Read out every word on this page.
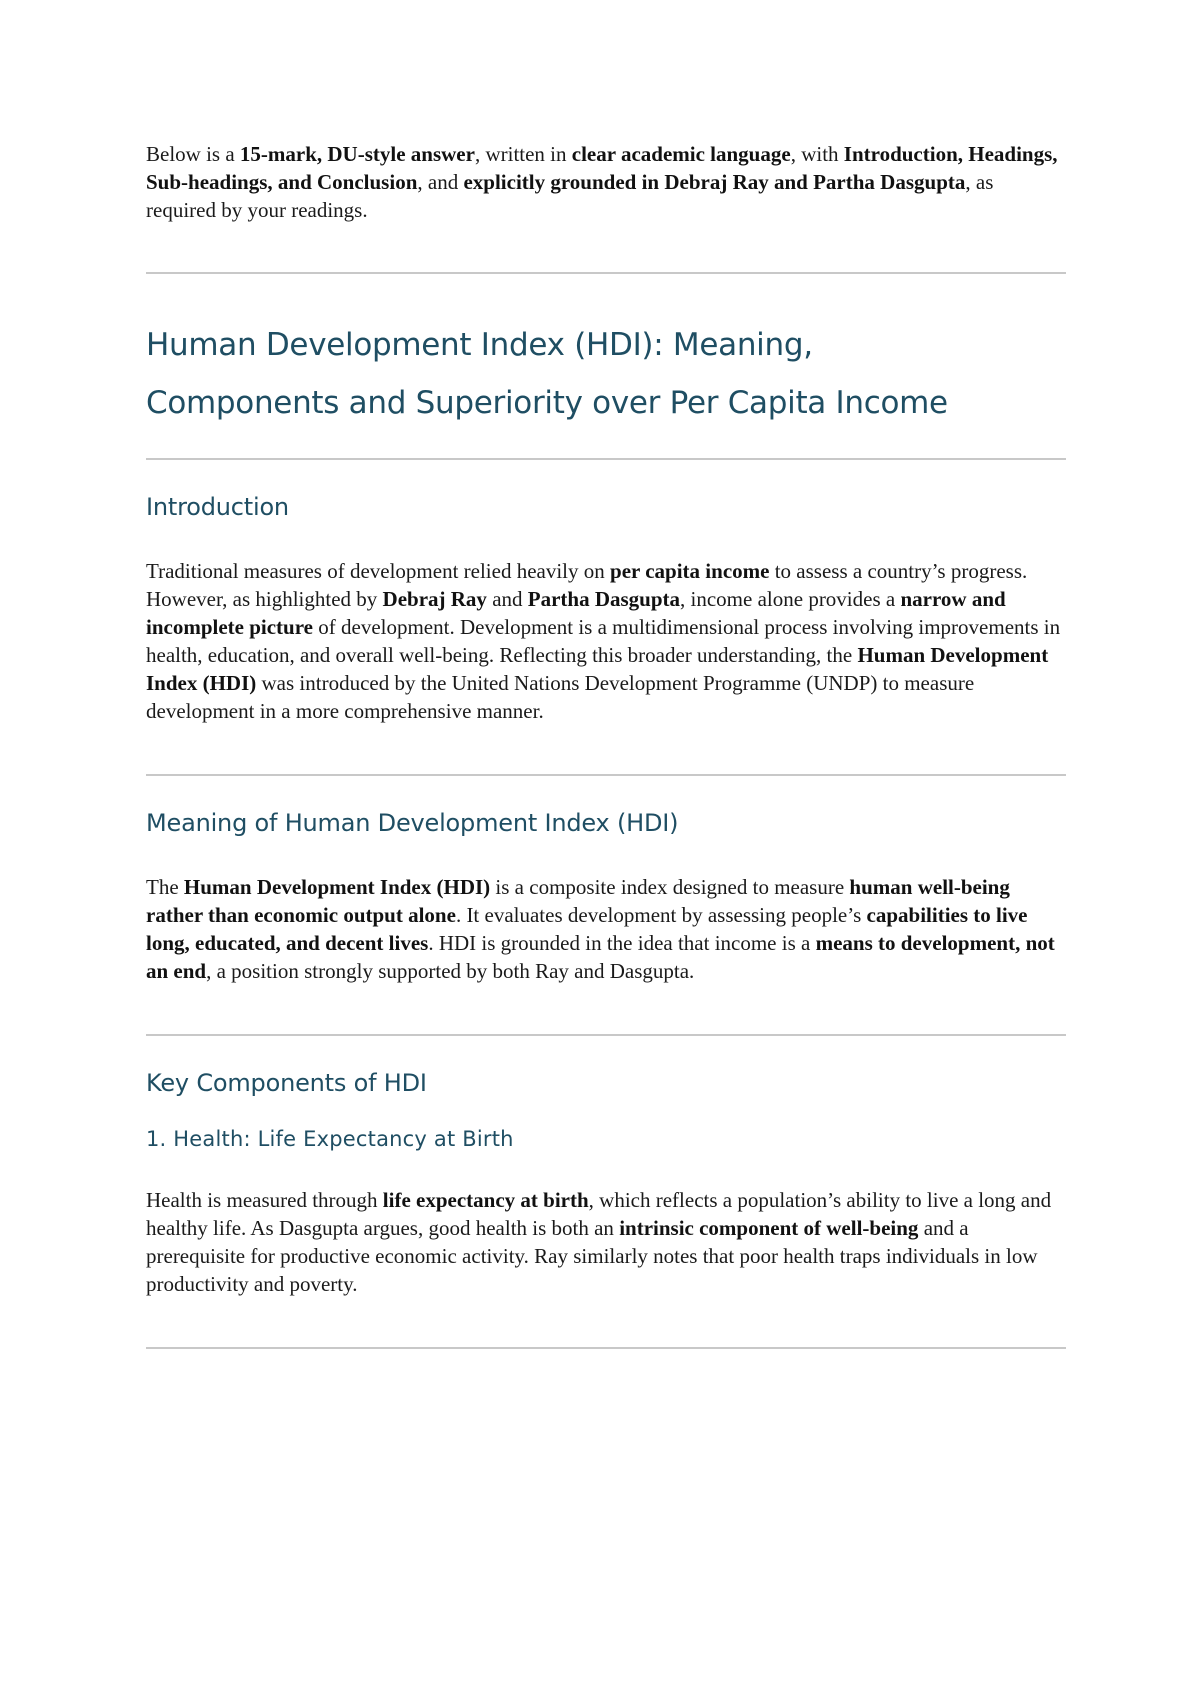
Below is a 15-mark, DU-style answer, written in clear academic language, with Introduction, Headings, Sub-headings, and Conclusion, and explicitly grounded in Debraj Ray and Partha Dasgupta, as required by your readings.

Human Development Index (HDI): Meaning,
Components and Superiority over Per Capita Income
Introduction

Traditional measures of development relied heavily on per capita income to assess a country’s progress. However, as highlighted by Debraj Ray and Partha Dasgupta, income alone provides a narrow and incomplete picture of development. Development is a multidimensional process involving improvements in health, education, and overall well-being. Reflecting this broader understanding, the Human Development Index (HDI) was introduced by the United Nations Development Programme (UNDP) to measure development in a more comprehensive manner.

Meaning of Human Development Index (HDI)

The Human Development Index (HDI) is a composite index designed to measure human well-being rather than economic output alone. It evaluates development by assessing people’s capabilities to live long, educated, and decent lives. HDI is grounded in the idea that income is a means to development, not an end, a position strongly supported by both Ray and Dasgupta.

Key Components of HDI
1. Health: Life Expectancy at Birth

Health is measured through life expectancy at birth, which reflects a population’s ability to live a long and healthy life. As Dasgupta argues, good health is both an intrinsic component of well-being and a prerequisite for productive economic activity. Ray similarly notes that poor health traps individuals in low productivity and poverty.
